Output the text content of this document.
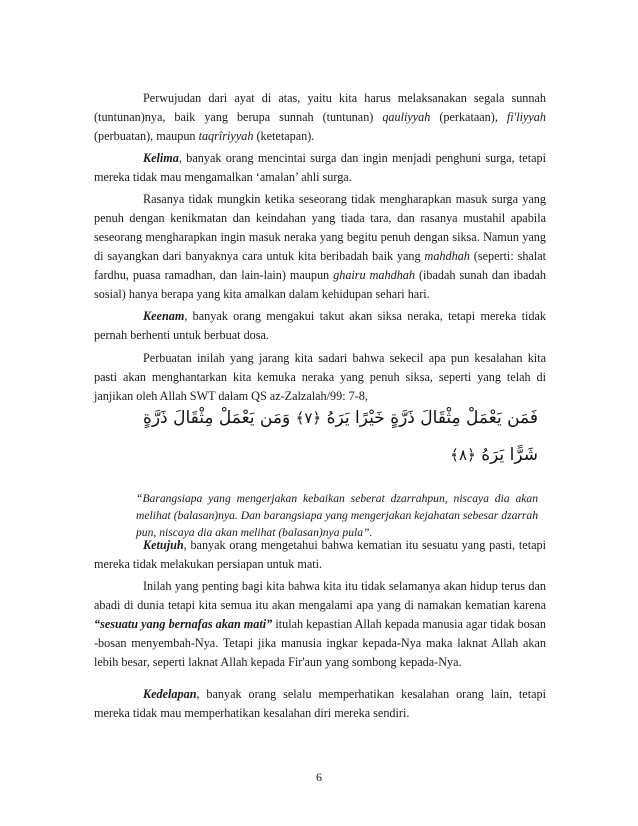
Perwujudan dari ayat di atas, yaitu kita harus melaksanakan segala sunnah (tuntunan)nya, baik yang berupa sunnah (tuntunan) qauliyyah (perkataan), fi'liyyah (perbuatan), maupun taqrîriyyah (ketetapan).

Kelima, banyak orang mencintai surga dan ingin menjadi penghuni surga, tetapi mereka tidak mau mengamalkan ‘amalan’ ahli surga.

Rasanya tidak mungkin ketika seseorang tidak mengharapkan masuk surga yang penuh dengan kenikmatan dan keindahan yang tiada tara, dan rasanya mustahil apabila seseorang mengharapkan ingin masuk neraka yang begitu penuh dengan siksa. Namun yang di sayangkan dari banyaknya cara untuk kita beribadah baik yang mahdhah (seperti: shalat fardhu, puasa ramadhan, dan lain-lain) maupun ghairu mahdhah (ibadah sunah dan ibadah sosial) hanya berapa yang kita amalkan dalam kehidupan sehari hari.

Keenam, banyak orang mengakui takut akan siksa neraka, tetapi mereka tidak pernah berhenti untuk berbuat dosa.

Perbuatan inilah yang jarang kita sadari bahwa sekecil apa pun kesalahan kita pasti akan menghantarkan kita kemuka neraka yang penuh siksa, seperti yang telah di janjikan oleh Allah SWT dalam QS az-Zalzalah/99: 7-8,

فَمَن يَعْمَلْ مِثْقَالَ ذَرَّةٍ خَيْرًا يَرَهُ ﴿٧﴾ وَمَن يَعْمَلْ مِثْقَالَ ذَرَّةٍ
شَرًّا يَرَهُ ﴿٨﴾

“Barangsiapa yang mengerjakan kebaikan seberat dzarrahpun, niscaya dia akan melihat (balasan)nya. Dan barangsiapa yang mengerjakan kejahatan sebesar dzarrah pun, niscaya dia akan melihat (balasan)nya pula”.

Ketujuh, banyak orang mengetahui bahwa kematian itu sesuatu yang pasti, tetapi mereka tidak melakukan persiapan untuk mati.

Inilah yang penting bagi kita bahwa kita itu tidak selamanya akan hidup terus dan abadi di dunia tetapi kita semua itu akan mengalami apa yang di namakan kematian karena “sesuatu yang bernafas akan mati” itulah kepastian Allah kepada manusia agar tidak bosan -bosan menyembah-Nya. Tetapi jika manusia ingkar kepada-Nya maka laknat Allah akan lebih besar, seperti laknat Allah kepada Fir'aun yang sombong kepada-Nya.

Kedelapan, banyak orang selalu memperhatikan kesalahan orang lain, tetapi mereka tidak mau memperhatikan kesalahan diri mereka sendiri.

6
